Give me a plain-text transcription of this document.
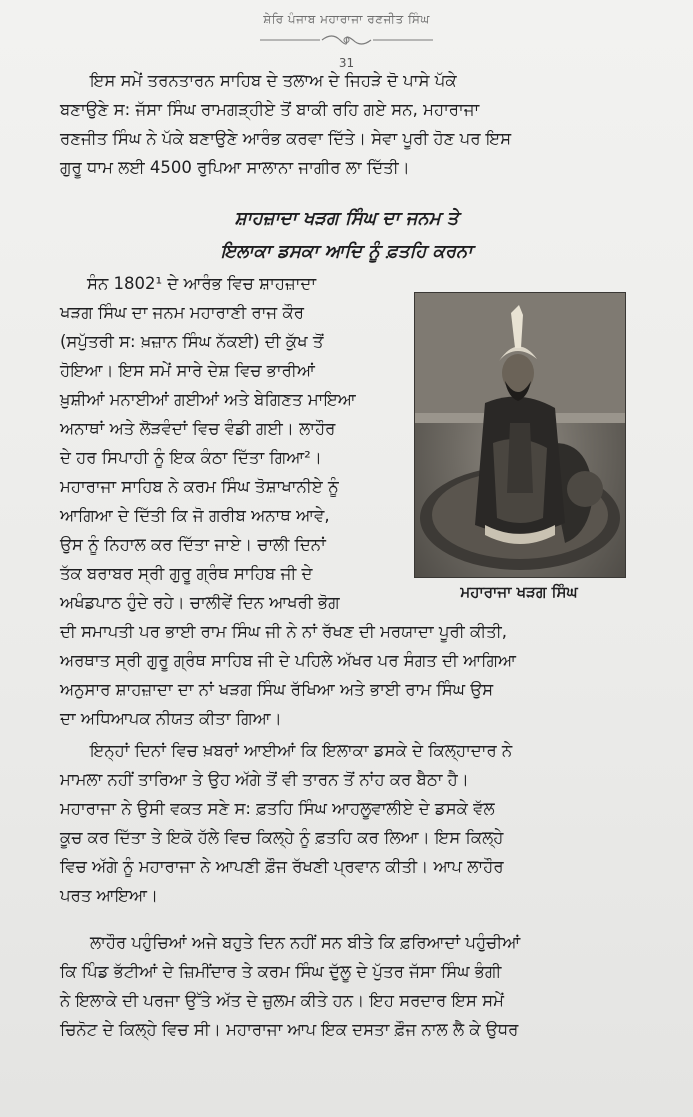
ਸ਼ੇਰਿ ਪੰਜਾਬ ਮਹਾਰਾਜਾ ਰਣਜੀਤ ਸਿੰਘ
31
ਇਸ ਸਮੇਂ ਤਰਨਤਾਰਨ ਸਾਹਿਬ ਦੇ ਤਲਾਅ ਦੇ ਜਿਹੜੇ ਦੋ ਪਾਸੇ ਪੱਕੇ
ਬਣਾਉਣੇ ਸ: ਜੱਸਾ ਸਿੰਘ ਰਾਮਗੜ੍ਹੀਏ ਤੋਂ ਬਾਕੀ ਰਹਿ ਗਏ ਸਨ, ਮਹਾਰਾਜਾ
ਰਣਜੀਤ ਸਿੰਘ ਨੇ ਪੱਕੇ ਬਣਾਉਣੇ ਆਰੰਭ ਕਰਵਾ ਦਿੱਤੇ। ਸੇਵਾ ਪੂਰੀ ਹੋਣ ਪਰ ਇਸ
ਗੁਰੂ ਧਾਮ ਲਈ 4500 ਰੁਪਿਆ ਸਾਲਾਨਾ ਜਾਗੀਰ ਲਾ ਦਿੱਤੀ।
ਸ਼ਾਹਜ਼ਾਦਾ ਖੜਗ ਸਿੰਘ ਦਾ ਜਨਮ ਤੇ
ਇਲਾਕਾ ਡਸਕਾ ਆਦਿ ਨੂੰ ਫ਼ਤਹਿ ਕਰਨਾ
ਸੰਨ 1802¹ ਦੇ ਆਰੰਭ ਵਿਚ ਸ਼ਾਹਜ਼ਾਦਾ
ਖੜਗ ਸਿੰਘ ਦਾ ਜਨਮ ਮਹਾਰਾਣੀ ਰਾਜ ਕੌਰ
(ਸਪੁੱਤਰੀ ਸ: ਖ਼ਜ਼ਾਨ ਸਿੰਘ ਨੱਕਈ) ਦੀ ਕੁੱਖ ਤੋਂ
ਹੋਇਆ। ਇਸ ਸਮੇਂ ਸਾਰੇ ਦੇਸ਼ ਵਿਚ ਭਾਰੀਆਂ
ਖ਼ੁਸ਼ੀਆਂ ਮਨਾਈਆਂ ਗਈਆਂ ਅਤੇ ਬੇਗਿਣਤ ਮਾਇਆ
ਅਨਾਥਾਂ ਅਤੇ ਲੋੜਵੰਦਾਂ ਵਿਚ ਵੰਡੀ ਗਈ। ਲਾਹੌਰ
ਦੇ ਹਰ ਸਿਪਾਹੀ ਨੂੰ ਇਕ ਕੰਠਾ ਦਿੱਤਾ ਗਿਆ²।
ਮਹਾਰਾਜਾ ਸਾਹਿਬ ਨੇ ਕਰਮ ਸਿੰਘ ਤੋਸ਼ਾਖਾਨੀਏ ਨੂੰ
ਆਗਿਆ ਦੇ ਦਿੱਤੀ ਕਿ ਜੋ ਗਰੀਬ ਅਨਾਥ ਆਵੇ,
ਉਸ ਨੂੰ ਨਿਹਾਲ ਕਰ ਦਿੱਤਾ ਜਾਏ। ਚਾਲੀ ਦਿਨਾਂ
ਤੱਕ ਬਰਾਬਰ ਸ੍ਰੀ ਗੁਰੂ ਗ੍ਰੰਥ ਸਾਹਿਬ ਜੀ ਦੇ
ਅਖੰਡਪਾਠ ਹੁੰਦੇ ਰਹੇ। ਚਾਲੀਵੇਂ ਦਿਨ ਆਖਰੀ ਭੋਗ
ਦੀ ਸਮਾਪਤੀ ਪਰ ਭਾਈ ਰਾਮ ਸਿੰਘ ਜੀ ਨੇ ਨਾਂ ਰੱਖਣ ਦੀ ਮਰਯਾਦਾ ਪੂਰੀ ਕੀਤੀ,
ਅਰਥਾਤ ਸ੍ਰੀ ਗੁਰੂ ਗ੍ਰੰਥ ਸਾਹਿਬ ਜੀ ਦੇ ਪਹਿਲੇ ਅੱਖਰ ਪਰ ਸੰਗਤ ਦੀ ਆਗਿਆ
ਅਨੁਸਾਰ ਸ਼ਾਹਜ਼ਾਦਾ ਦਾ ਨਾਂ ਖੜਗ ਸਿੰਘ ਰੱਖਿਆ ਅਤੇ ਭਾਈ ਰਾਮ ਸਿੰਘ ਉਸ
ਦਾ ਅਧਿਆਪਕ ਨੀਯਤ ਕੀਤਾ ਗਿਆ।
ਮਹਾਰਾਜਾ ਖੜਗ ਸਿੰਘ
ਇਨ੍ਹਾਂ ਦਿਨਾਂ ਵਿਚ ਖ਼ਬਰਾਂ ਆਈਆਂ ਕਿ ਇਲਾਕਾ ਡਸਕੇ ਦੇ ਕਿਲ੍ਹਾਦਾਰ ਨੇ
ਮਾਮਲਾ ਨਹੀਂ ਤਾਰਿਆ ਤੇ ਉਹ ਅੱਗੇ ਤੋਂ ਵੀ ਤਾਰਨ ਤੋਂ ਨਾਂਹ ਕਰ ਬੈਠਾ ਹੈ।
ਮਹਾਰਾਜਾ ਨੇ ਉਸੀ ਵਕਤ ਸਣੇ ਸ: ਫ਼ਤਹਿ ਸਿੰਘ ਆਹਲੂਵਾਲੀਏ ਦੇ ਡਸਕੇ ਵੱਲ
ਕੂਚ ਕਰ ਦਿੱਤਾ ਤੇ ਇਕੋ ਹੱਲੇ ਵਿਚ ਕਿਲ੍ਹੇ ਨੂੰ ਫ਼ਤਹਿ ਕਰ ਲਿਆ। ਇਸ ਕਿਲ੍ਹੇ
ਵਿਚ ਅੱਗੇ ਨੂੰ ਮਹਾਰਾਜਾ ਨੇ ਆਪਣੀ ਫ਼ੌਜ ਰੱਖਣੀ ਪ੍ਰਵਾਨ ਕੀਤੀ। ਆਪ ਲਾਹੌਰ
ਪਰਤ ਆਇਆ।
ਲਾਹੌਰ ਪਹੁੰਚਿਆਂ ਅਜੇ ਬਹੁਤੇ ਦਿਨ ਨਹੀਂ ਸਨ ਬੀਤੇ ਕਿ ਫ਼ਰਿਆਦਾਂ ਪਹੁੰਚੀਆਂ
ਕਿ ਪਿੰਡ ਭੱਟੀਆਂ ਦੇ ਜ਼ਿਮੀਂਦਾਰ ਤੇ ਕਰਮ ਸਿੰਘ ਦੁੱਲੂ ਦੇ ਪੁੱਤਰ ਜੱਸਾ ਸਿੰਘ ਭੰਗੀ
ਨੇ ਇਲਾਕੇ ਦੀ ਪਰਜਾ ਉੱਤੇ ਅੱਤ ਦੇ ਜ਼ੁਲਮ ਕੀਤੇ ਹਨ। ਇਹ ਸਰਦਾਰ ਇਸ ਸਮੇਂ
ਚਿਨੋਟ ਦੇ ਕਿਲ੍ਹੇ ਵਿਚ ਸੀ। ਮਹਾਰਾਜਾ ਆਪ ਇਕ ਦਸਤਾ ਫ਼ੌਜ ਨਾਲ ਲੈ ਕੇ ਉਧਰ
